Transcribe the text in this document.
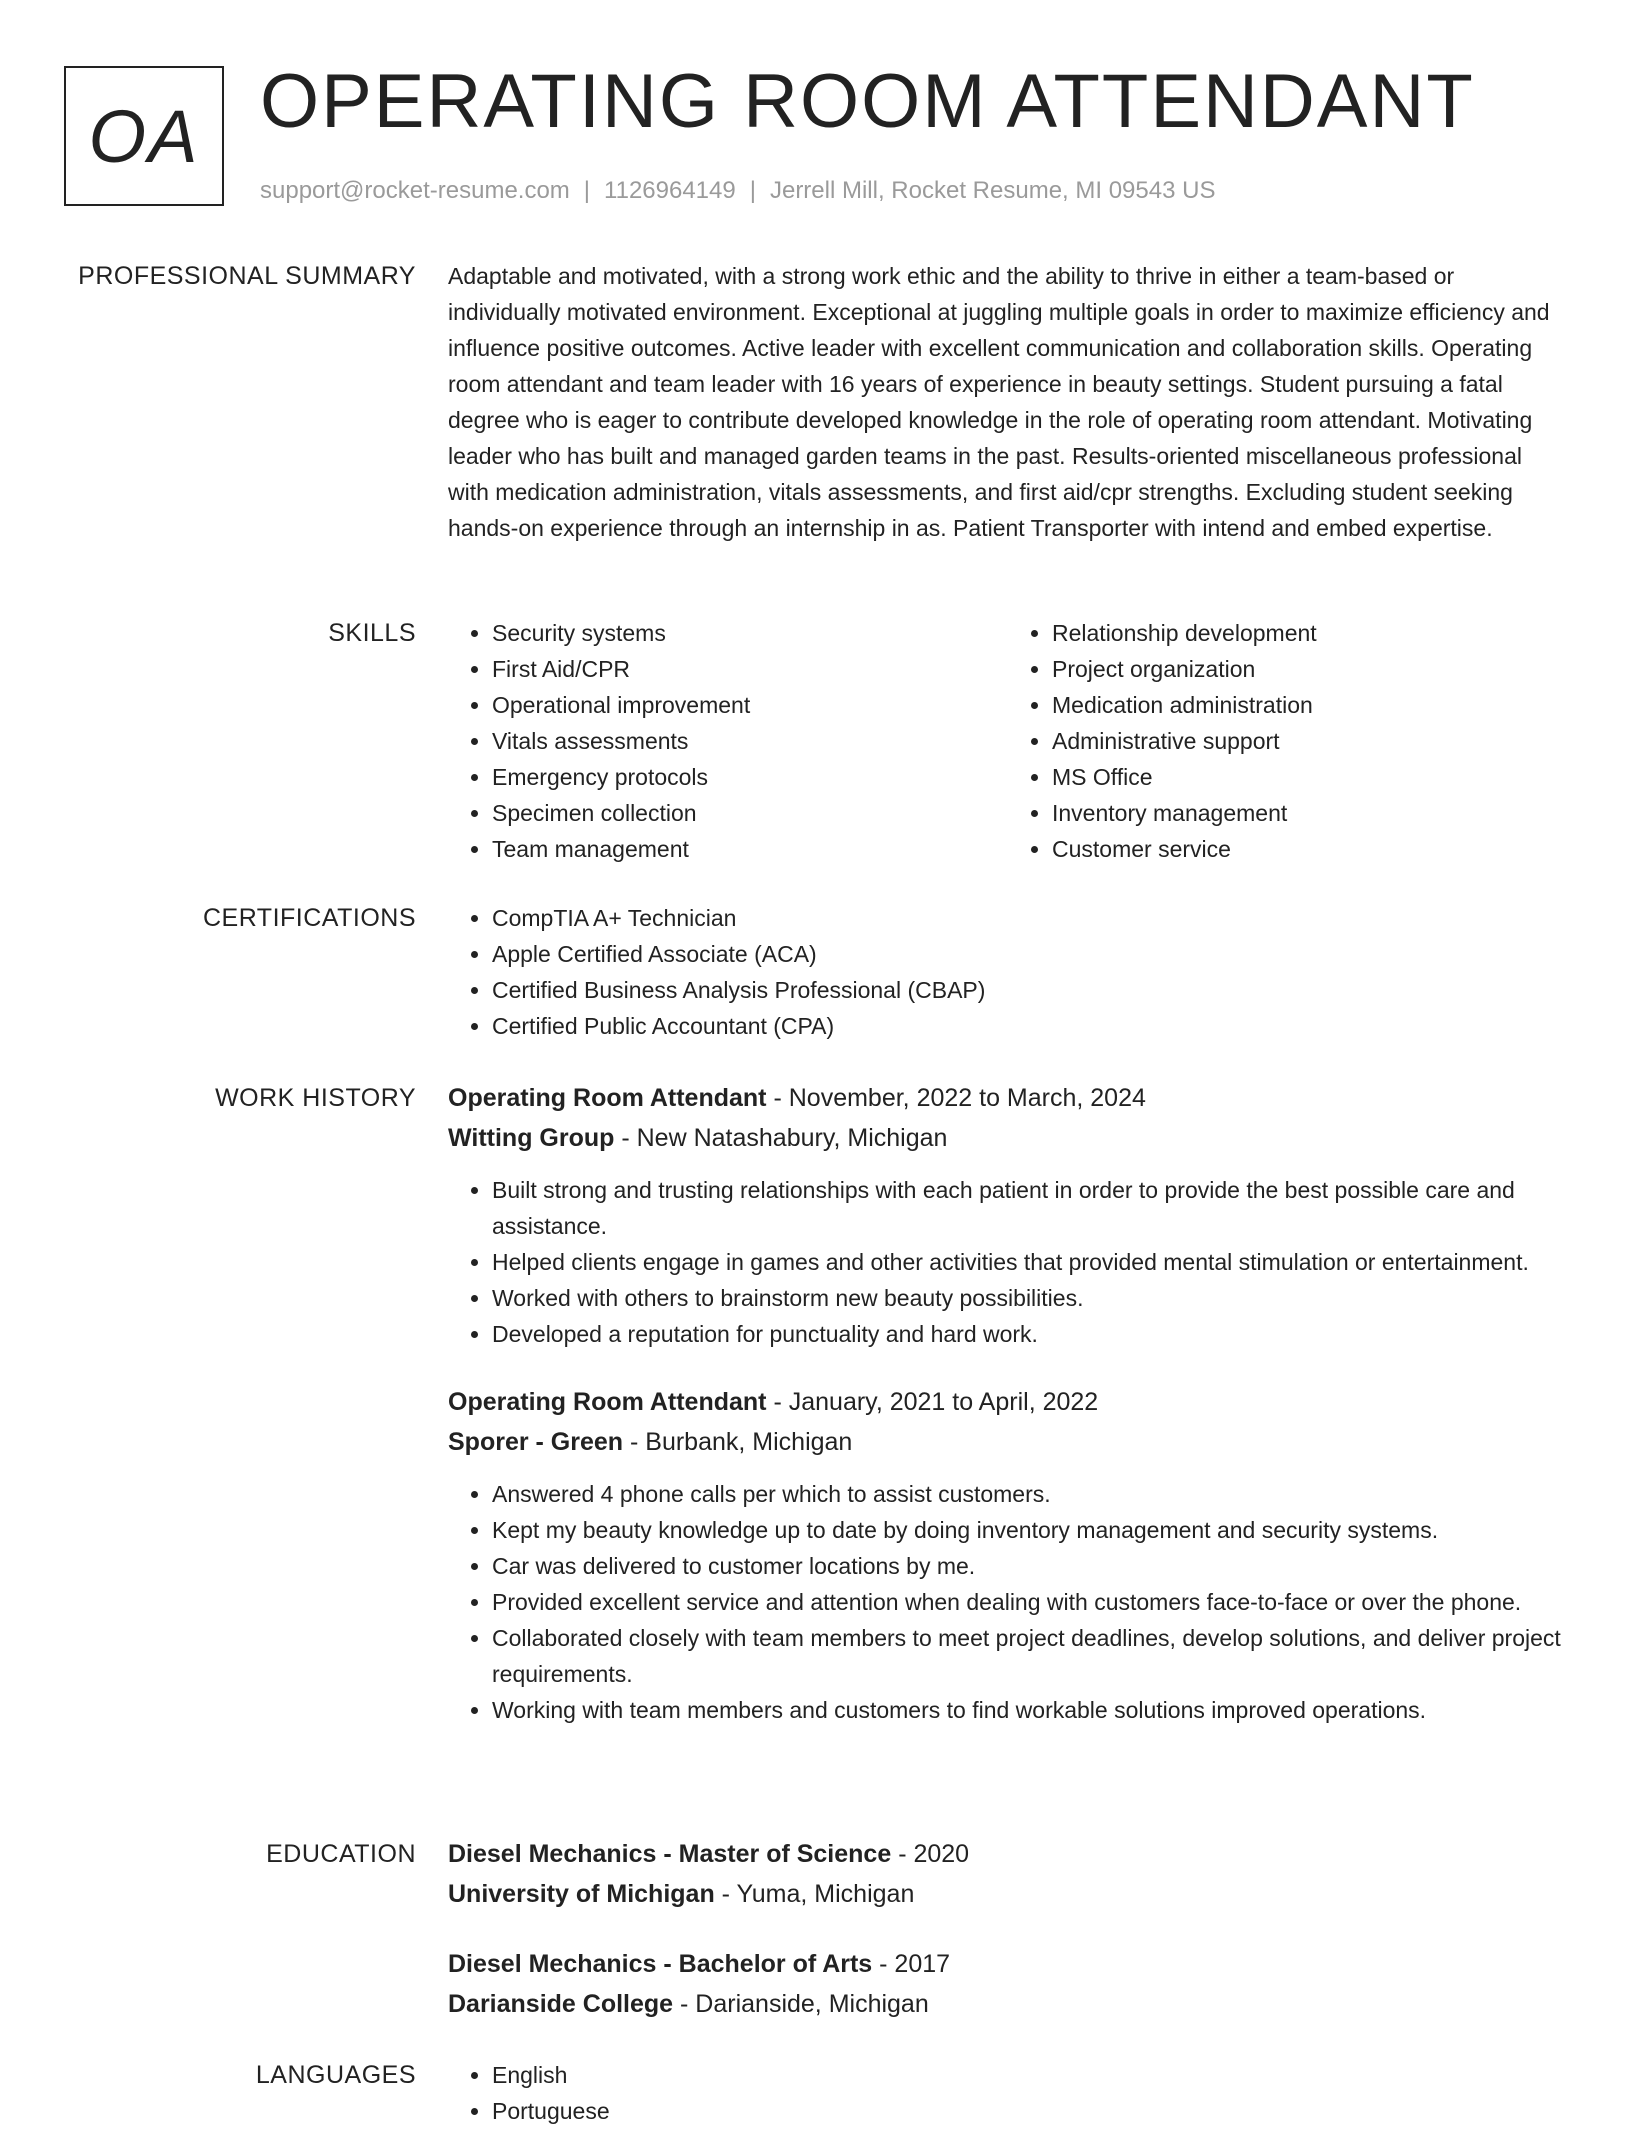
OA OPERATING ROOM ATTENDANT
support@rocket-resume.com | 1126964149 | Jerrell Mill, Rocket Resume, MI 09543 US
PROFESSIONAL SUMMARY Adaptable and motivated, with a strong work ethic and the ability to thrive in either a team-based or individually motivated environment. Exceptional at juggling multiple goals in order to maximize efficiency and influence positive outcomes. Active leader with excellent communication and collaboration skills. Operating room attendant and team leader with 16 years of experience in beauty settings. Student pursuing a fatal degree who is eager to contribute developed knowledge in the role of operating room attendant. Motivating leader who has built and managed garden teams in the past. Results-oriented miscellaneous professional with medication administration, vitals assessments, and first aid/cpr strengths. Excluding student seeking hands-on experience through an internship in as. Patient Transporter with intend and embed expertise.

SKILLS	• Security systems
• First Aid/CPR
• Operational improvement
• Vitals assessments
• Emergency protocols
• Specimen collection
• Team management
• Relationship development
• Project organization
• Medication administration
• Administrative support
• MS Office
• Inventory management
• Customer service
CERTIFICATIONS	• CompTIA A+ Technician
• Apple Certified Associate (ACA)
• Certified Business Analysis Professional (CBAP)
• Certified Public Accountant (CPA)
WORK HISTORY Operating Room Attendant - November, 2022 to March, 2024
Witting Group - New Natashabury, Michigan
• Built strong and trusting relationships with each patient in order to provide the best possible care and assistance.
• Helped clients engage in games and other activities that provided mental stimulation or entertainment.
• Worked with others to brainstorm new beauty possibilities.
• Developed a reputation for punctuality and hard work.
Operating Room Attendant - January, 2021 to April, 2022
Sporer - Green - Burbank, Michigan
• Answered 4 phone calls per which to assist customers.
• Kept my beauty knowledge up to date by doing inventory management and security systems.
• Car was delivered to customer locations by me.
• Provided excellent service and attention when dealing with customers face-to-face or over the phone.
• Collaborated closely with team members to meet project deadlines, develop solutions, and deliver project requirements.
• Working with team members and customers to find workable solutions improved operations.
EDUCATION Diesel Mechanics - Master of Science - 2020
University of Michigan - Yuma, Michigan
Diesel Mechanics - Bachelor of Arts - 2017
Darianside College - Darianside, Michigan
LANGUAGES	• English
• Portuguese
